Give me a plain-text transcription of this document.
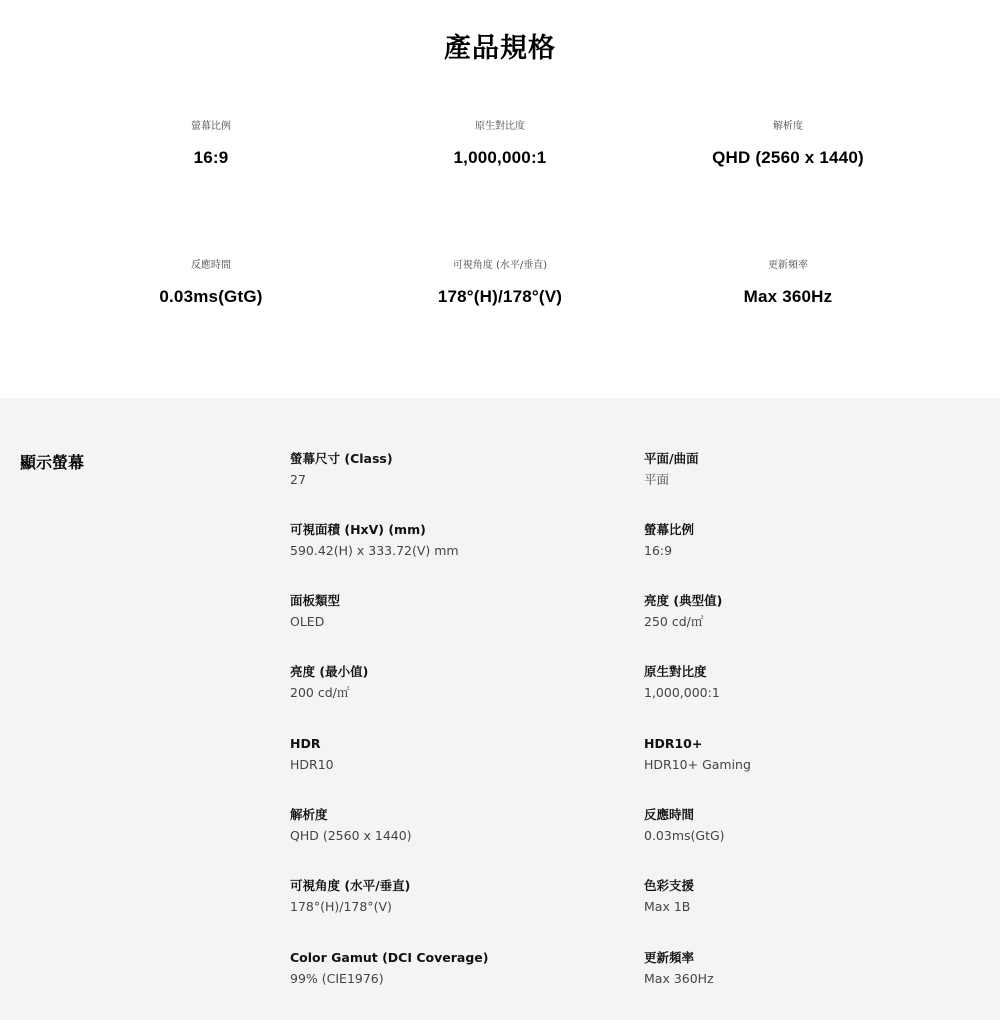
產品規格
螢幕比例
16:9
原生對比度
1,000,000:1
解析度
QHD (2560 x 1440)
反應時間
0.03ms(GtG)
可視角度 (水平/垂直)
178°(H)/178°(V)
更新頻率
Max 360Hz
顯示螢幕	螢幕尺寸 (Class)
27
平面/曲面
平面
可視面積 (HxV) (mm)
590.42(H) x 333.72(V) mm
螢幕比例
16:9
面板類型
OLED
亮度 (典型值)
250 cd/㎡
亮度 (最小值)
200 cd/㎡
原生對比度
1,000,000:1
HDR
HDR10
HDR10+
HDR10+ Gaming
解析度
QHD (2560 x 1440)
反應時間
0.03ms(GtG)
可視角度 (水平/垂直)
178°(H)/178°(V)
色彩支援
Max 1B
Color Gamut (DCI Coverage)
99% (CIE1976)
更新頻率
Max 360Hz
